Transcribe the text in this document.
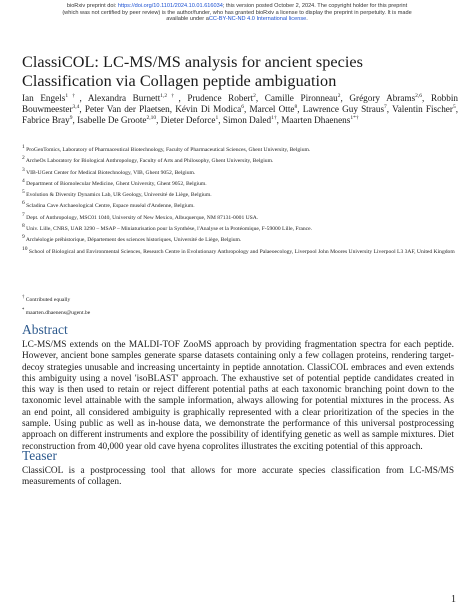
bioRxiv preprint doi: https://doi.org/10.1101/2024.10.01.616034; this version posted October 2, 2024. The copyright holder for this preprint
(which was not certified by peer review) is the author/funder, who has granted bioRxiv a license to display the preprint in perpetuity. It is made
available under aCC-BY-NC-ND 4.0 International license.
ClassiCOL: LC-MS/MS analysis for ancient species Classification via Collagen peptide ambiguation
Ian Engels$^{1\dagger}$, Alexandra Burnett$^{1,2\dagger}$, Prudence Robert$^2$, Camille Pironneau$^2$, Grégory Abrams$^{2,6}$, Robbin Bouwmeester$^{3,4}$, Peter Van der Plaetsen, Kévin Di Modica$^6$, Marcel Otte$^8$, Lawrence Guy Straus$^7$, Valentin Fischer$^5$, Fabrice Bray$^9$, Isabelle De Groote$^{2,10}$, Dieter Deforce$^1$, Simon Daled$^{1\dagger}$, Maarten Dhaenens$^{1*\dagger}$
$^1$ ProGenTomics, Laboratory of Pharmaceutical Biotechnology, Faculty of Pharmaceutical Sciences, Ghent University, Belgium.
$^2$ ArcheOs Laboratory for Biological Anthropology, Faculty of Arts and Philosophy, Ghent University, Belgium.
$^3$ VIB-UGent Center for Medical Biotechnology, VIB, Ghent 9052, Belgium.
$^4$ Department of Biomolecular Medicine, Ghent University, Ghent 9052, Belgium.
$^5$ Evolution & Diversity Dynamics Lab, UR Geology, Université de Liège, Belgium.
$^6$ Scladina Cave Archaeological Centre, Espace muséal d'Andenne, Belgium.
$^7$ Dept. of Anthropology, MSC01 1040, University of New Mexico, Albuquerque, NM 87131-0001 USA.
$^8$ Univ. Lille, CNRS, UAR 3290 – MSAP – Miniaturisation pour la Synthèse, l'Analyse et la Protéomique, F-59000 Lille, France.
$^9$ Archéologie préhistorique, Département des sciences historiques, Université de Liège, Belgium.
$^{10}$ School of Biological and Environmental Sciences, Research Centre in Evolutionary Anthropology and Palaeoecology, Liverpool John Moores University Liverpool L3 3AF, United Kingdom
† Contributed equally
* maarten.dhaenens@ugent.be
Abstract

LC-MS/MS extends on the MALDI-TOF ZooMS approach by providing fragmentation spectra for each peptide. However, ancient bone samples generate sparse datasets containing only a few collagen proteins, rendering target-decoy strategies unusable and increasing uncertainty in peptide annotation. ClassiCOL embraces and even extends this ambiguity using a novel 'isoBLAST' approach. The exhaustive set of potential peptide candidates created in this way is then used to retain or reject different potential paths at each taxonomic branching point down to the taxonomic level attainable with the sample information, always allowing for potential mixtures in the process. As an end point, all considered ambiguity is graphically represented with a clear prioritization of the species in the sample. Using public as well as in-house data, we demonstrate the performance of this universal postprocessing approach on different instruments and explore the possibility of identifying genetic as well as sample mixtures. Diet reconstruction from 40,000 year old cave hyena coprolites illustrates the exciting potential of this approach.

Teaser

ClassiCOL is a postprocessing tool that allows for more accurate species classification from LC-MS/MS measurements of collagen.

1
